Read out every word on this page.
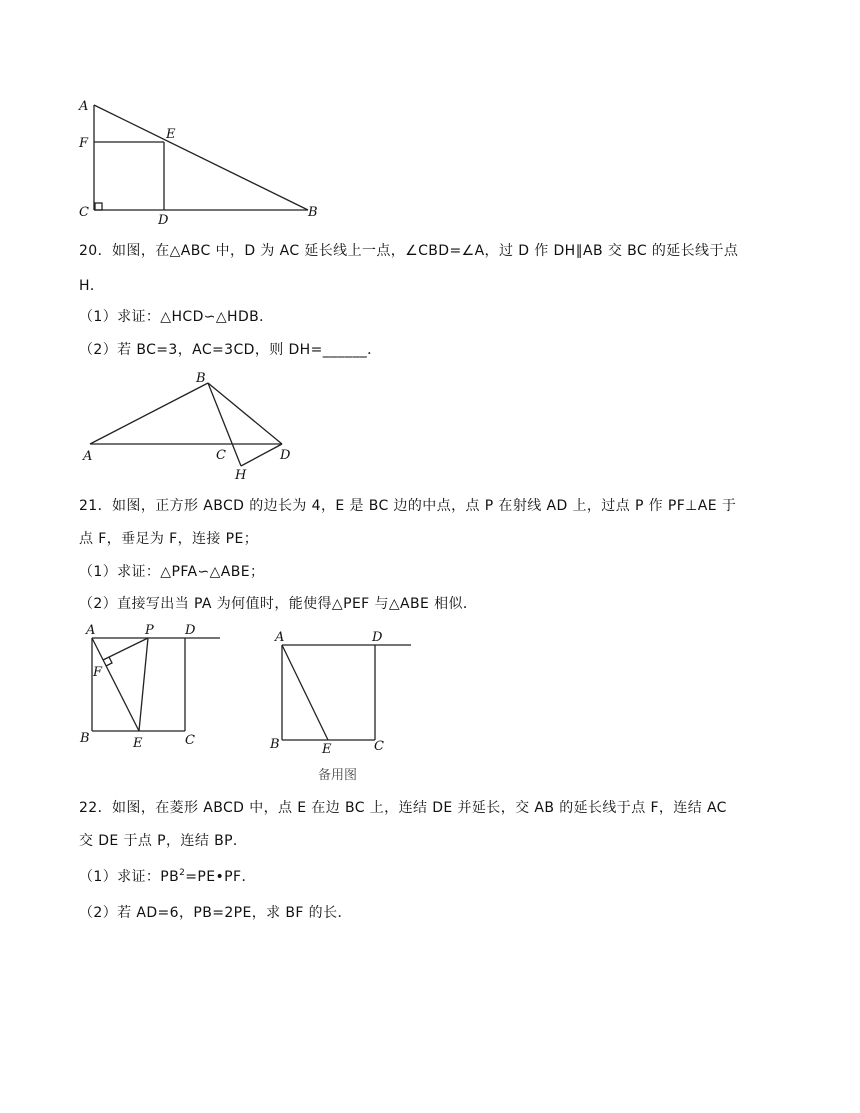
A
F
E
C
D
B
20．如图，在△ABC 中，D 为 AC 延长线上一点，∠CBD=∠A，过 D 作 DH∥AB 交 BC 的延长线于点
H．
（1）求证：△HCD∽△HDB．
（2）若 BC=3，AC=3CD，则 DH=______．
B
A	C
H
D
21．如图，正方形 ABCD 的边长为 4，E 是 BC 边的中点，点 P 在射线 AD 上，过点 P 作 PF⊥AE 于
点 F，垂足为 F，连接 PE；
（1）求证：△PFA∽△ABE；
（2）直接写出当 PA 为何值时，能使得△PEF 与△ABE 相似．
A	P D
F
B	E	C
A	D
B	E	C
备用图
22．如图，在菱形 ABCD 中，点 E 在边 BC 上，连结 DE 并延长，交 AB 的延长线于点 F，连结 AC
交 DE 于点 P，连结 BP．
（1）求证：$PB^2=PE•PF$．
（2）若 AD=6，PB=2PE，求 BF 的长．
